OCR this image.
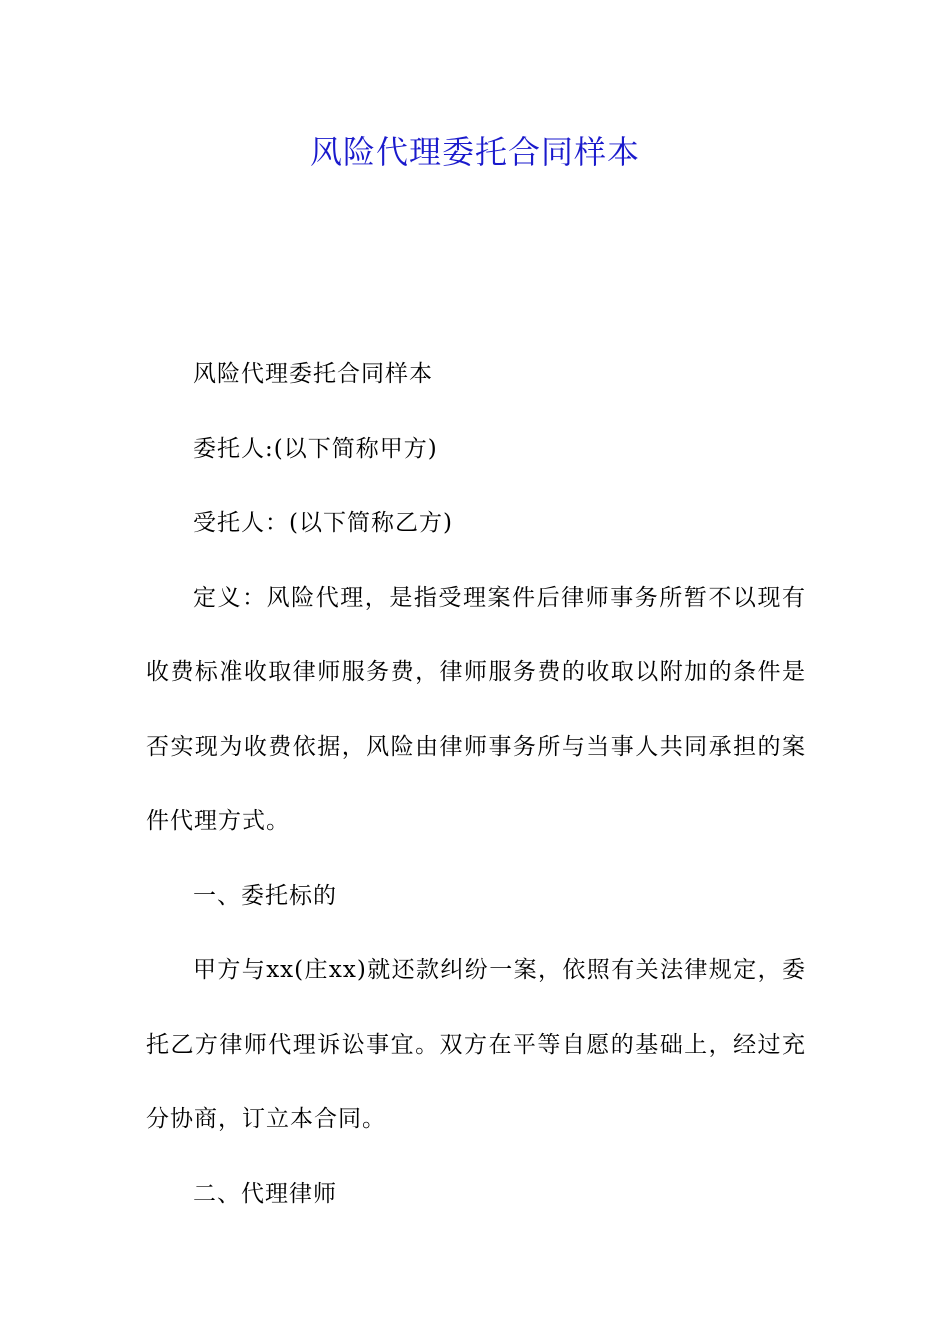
风险代理委托合同样本

风险代理委托合同样本

委托人:(以下简称甲方)

受托人：(以下简称乙方)

定义：风险代理，是指受理案件后律师事务所暂不以现有收费标准收取律师服务费，律师服务费的收取以附加的条件是否实现为收费依据，风险由律师事务所与当事人共同承担的案件代理方式。

一、委托标的

甲方与xx(庄xx)就还款纠纷一案，依照有关法律规定，委托乙方律师代理诉讼事宜。双方在平等自愿的基础上，经过充分协商，订立本合同。

二、代理律师
